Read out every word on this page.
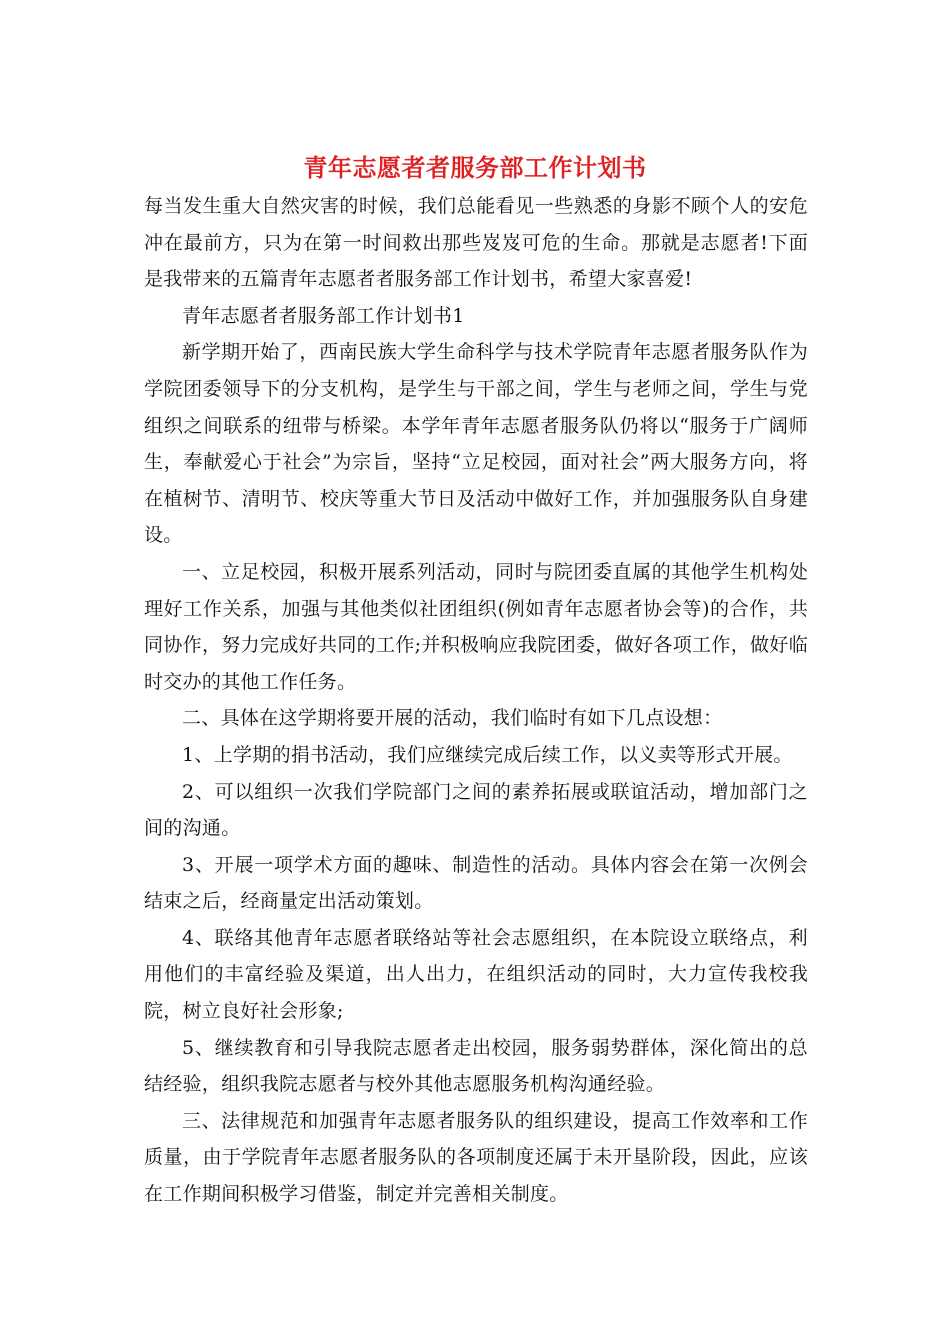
青年志愿者者服务部工作计划书

每当发生重大自然灾害的时候，我们总能看见一些熟悉的身影不顾个人的安危冲在最前方，只为在第一时间救出那些岌岌可危的生命。那就是志愿者!下面是我带来的五篇青年志愿者者服务部工作计划书，希望大家喜爱!

青年志愿者者服务部工作计划书1

新学期开始了，西南民族大学生命科学与技术学院青年志愿者服务队作为学院团委领导下的分支机构，是学生与干部之间，学生与老师之间，学生与党组织之间联系的纽带与桥梁。本学年青年志愿者服务队仍将以“服务于广阔师生，奉献爱心于社会”为宗旨，坚持“立足校园，面对社会”两大服务方向，将在植树节、清明节、校庆等重大节日及活动中做好工作，并加强服务队自身建设。

一、立足校园，积极开展系列活动，同时与院团委直属的其他学生机构处理好工作关系，加强与其他类似社团组织(例如青年志愿者协会等)的合作，共同协作，努力完成好共同的工作;并积极响应我院团委，做好各项工作，做好临时交办的其他工作任务。

二、具体在这学期将要开展的活动，我们临时有如下几点设想：

1、上学期的捐书活动，我们应继续完成后续工作，以义卖等形式开展。

2、可以组织一次我们学院部门之间的素养拓展或联谊活动，增加部门之间的沟通。

3、开展一项学术方面的趣味、制造性的活动。具体内容会在第一次例会结束之后，经商量定出活动策划。

4、联络其他青年志愿者联络站等社会志愿组织，在本院设立联络点，利用他们的丰富经验及渠道，出人出力，在组织活动的同时，大力宣传我校我院，树立良好社会形象;

5、继续教育和引导我院志愿者走出校园，服务弱势群体，深化简出的总结经验，组织我院志愿者与校外其他志愿服务机构沟通经验。

三、法律规范和加强青年志愿者服务队的组织建设，提高工作效率和工作质量，由于学院青年志愿者服务队的各项制度还属于未开垦阶段，因此，应该在工作期间积极学习借鉴，制定并完善相关制度。
